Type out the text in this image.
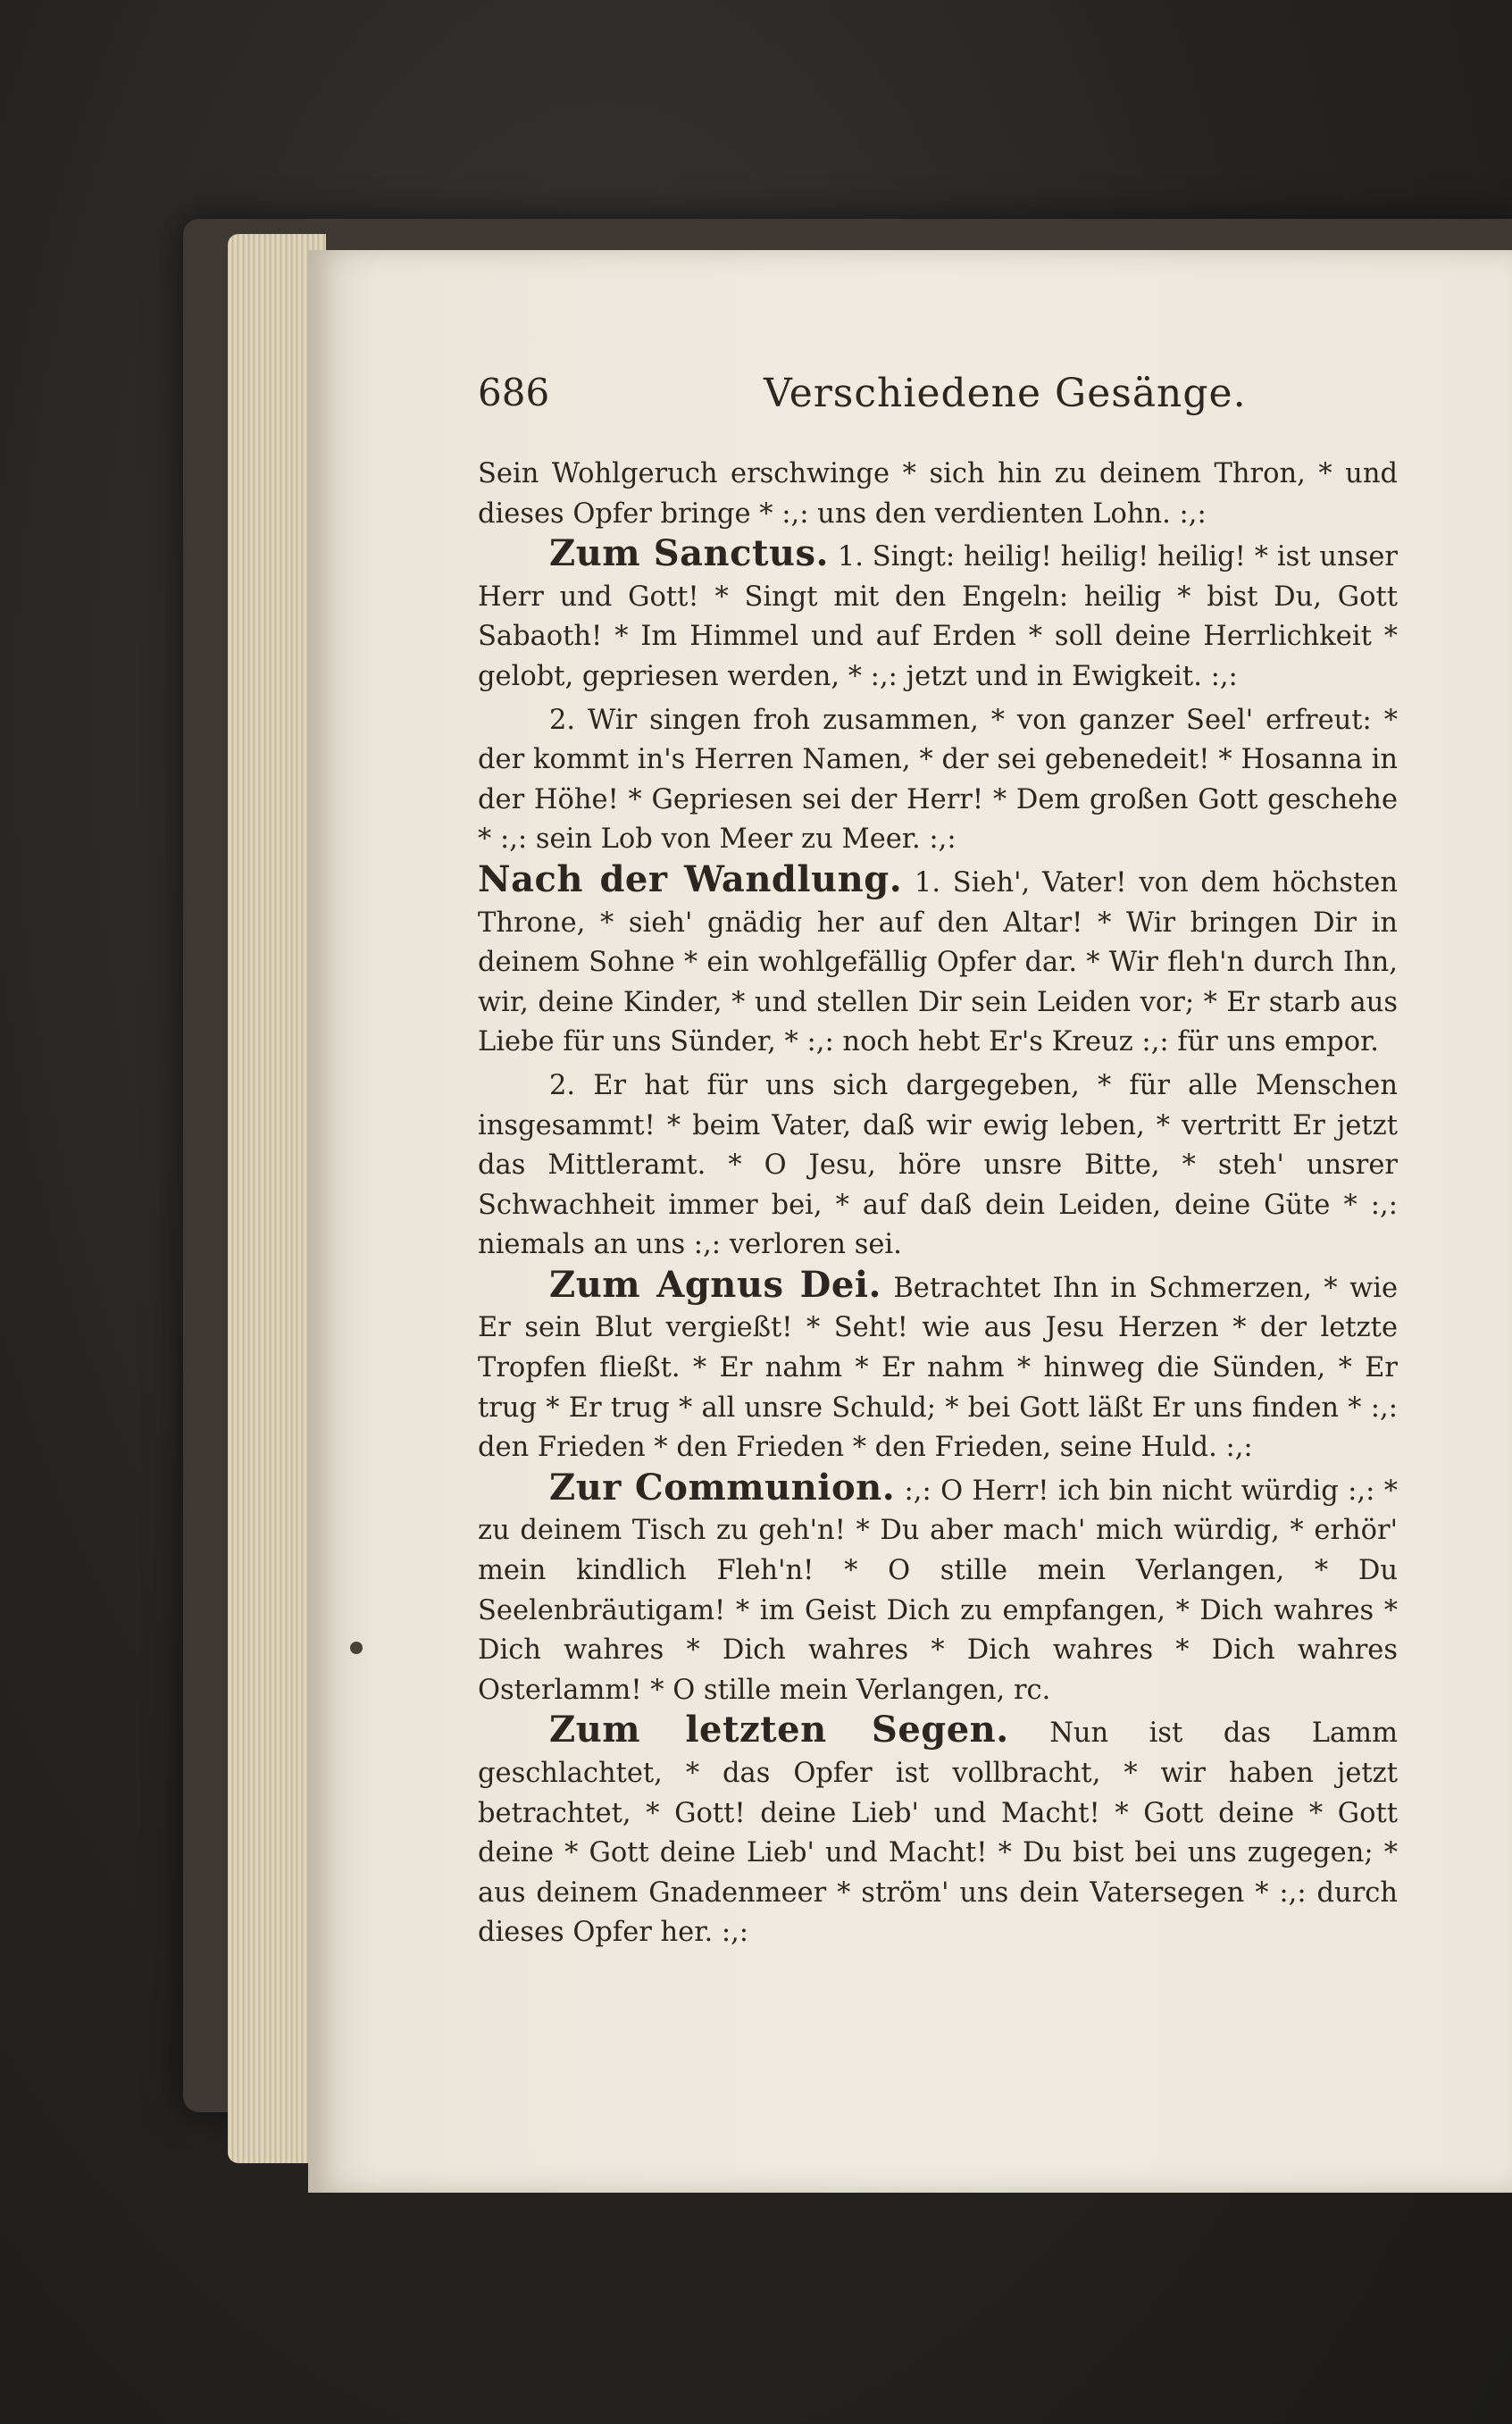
686	Verschiedene Gesänge.

Sein Wohlgeruch erschwinge * sich hin zu deinem Thron, * und dieses Opfer bringe * :,: uns den verdienten Lohn. :,:

Zum Sanctus. 1. Singt: heilig! heilig! heilig! * ist unser Herr und Gott! * Singt mit den Engeln: heilig * bist Du, Gott Sabaoth! * Im Himmel und auf Erden * soll deine Herrlichkeit * gelobt, gepriesen werden, * :,: jetzt und in Ewigkeit. :,:

2. Wir singen froh zusammen, * von ganzer Seel' erfreut: * der kommt in's Herren Namen, * der sei gebenedeit! * Hosanna in der Höhe! * Gepriesen sei der Herr! * Dem großen Gott geschehe * :,: sein Lob von Meer zu Meer. :,:

Nach der Wandlung. 1. Sieh', Vater! von dem höchsten Throne, * sieh' gnädig her auf den Altar! * Wir bringen Dir in deinem Sohne * ein wohlgefällig Opfer dar. * Wir fleh'n durch Ihn, wir, deine Kinder, * und stellen Dir sein Leiden vor; * Er starb aus Liebe für uns Sünder, * :,: noch hebt Er's Kreuz :,: für uns empor.

2. Er hat für uns sich dargegeben, * für alle Menschen insgesammt! * beim Vater, daß wir ewig leben, * vertritt Er jetzt das Mittleramt. * O Jesu, höre unsre Bitte, * steh' unsrer Schwachheit immer bei, * auf daß dein Leiden, deine Güte * :,: niemals an uns :,: verloren sei.

Zum Agnus Dei. Betrachtet Ihn in Schmerzen, * wie Er sein Blut vergießt! * Seht! wie aus Jesu Herzen * der letzte Tropfen fließt. * Er nahm * Er nahm * hinweg die Sünden, * Er trug * Er trug * all unsre Schuld; * bei Gott läßt Er uns finden * :,: den Frieden * den Frieden * den Frieden, seine Huld. :,:

Zur Communion. :,: O Herr! ich bin nicht würdig :,: * zu deinem Tisch zu geh'n! * Du aber mach' mich würdig, * erhör' mein kindlich Fleh'n! * O stille mein Verlangen, * Du Seelenbräutigam! * im Geist Dich zu empfangen, * Dich wahres * Dich wahres * Dich wahres * Dich wahres * Dich wahres Osterlamm! * O stille mein Verlangen, rc.

Zum letzten Segen. Nun ist das Lamm geschlachtet, * das Opfer ist vollbracht, * wir haben jetzt betrachtet, * Gott! deine Lieb' und Macht! * Gott deine * Gott deine * Gott deine Lieb' und Macht! * Du bist bei uns zugegen; * aus deinem Gnadenmeer * ström' uns dein Vatersegen * :,: durch dieses Opfer her. :,:
